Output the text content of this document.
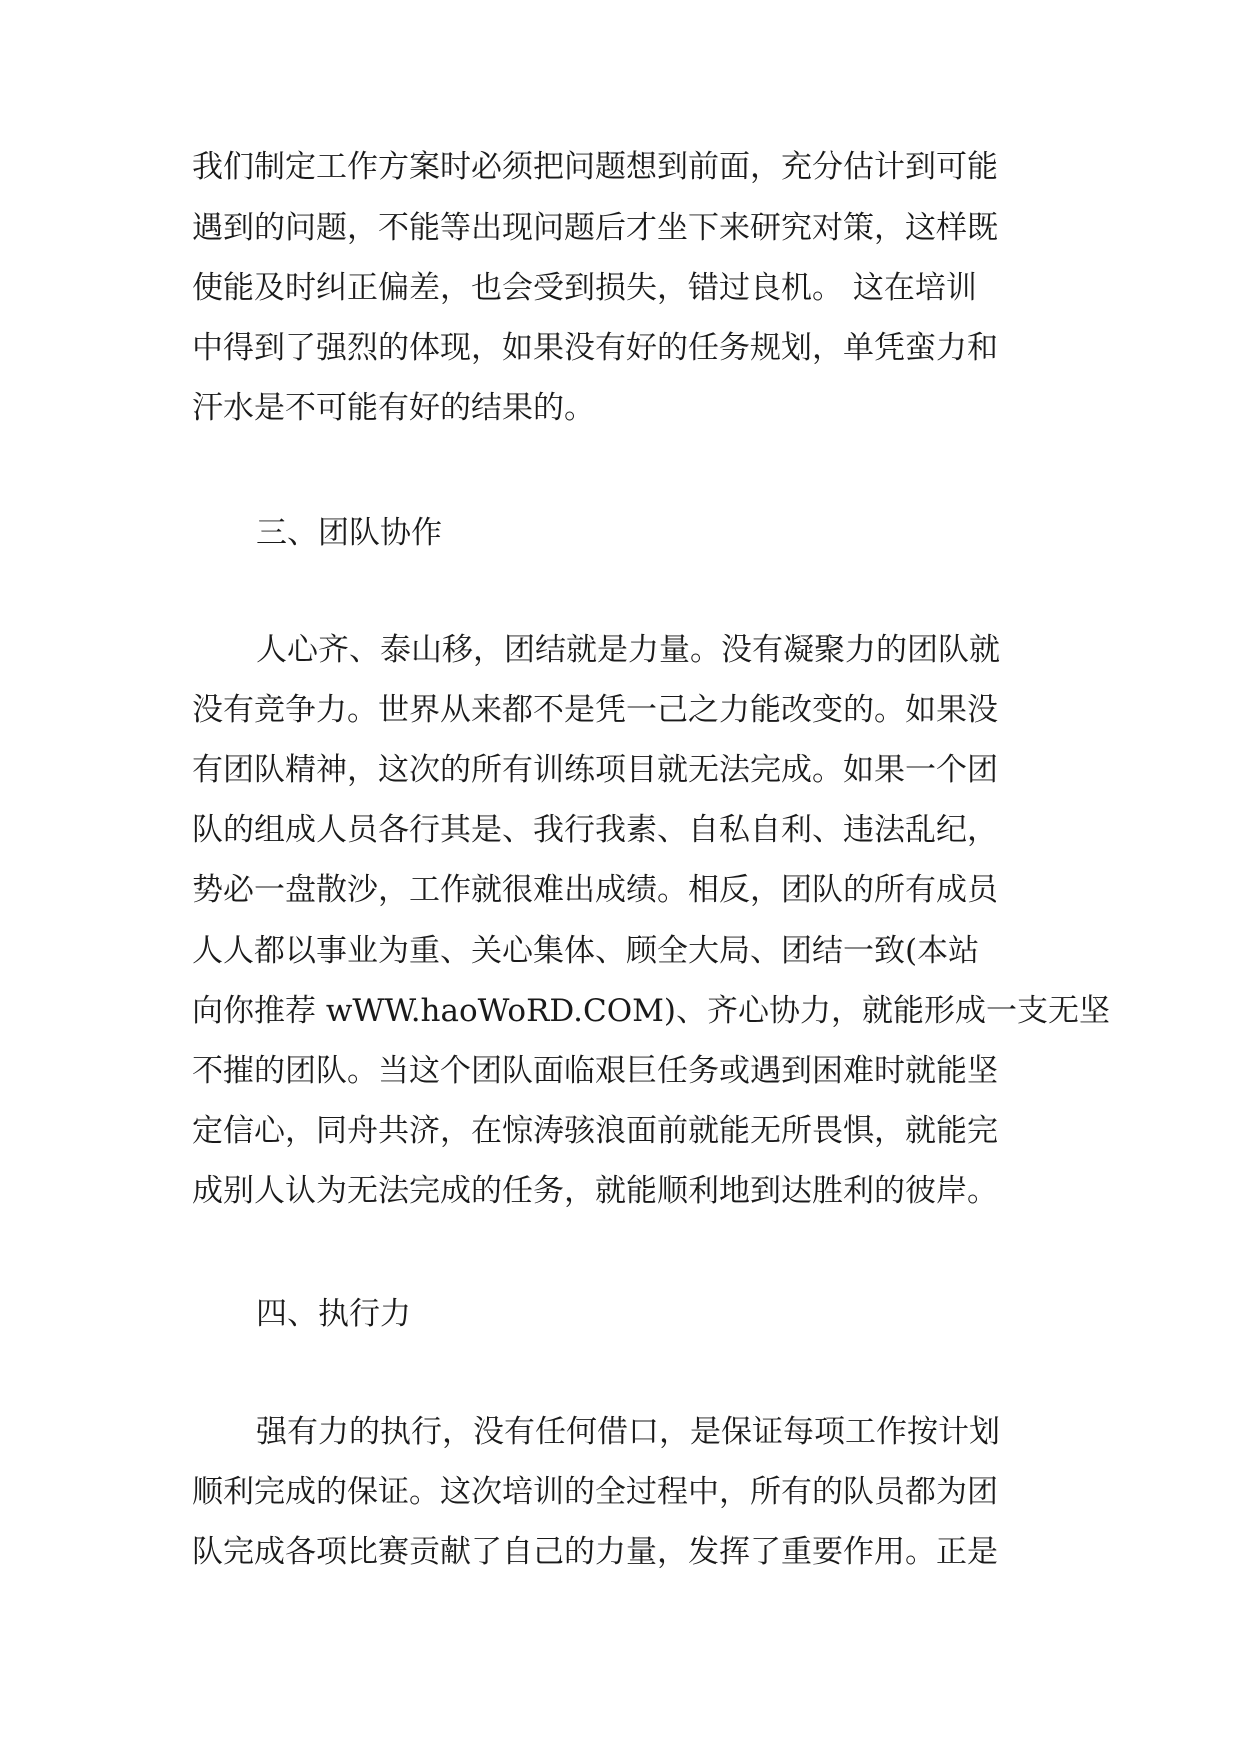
我们制定工作方案时必须把问题想到前面，充分估计到可能

遇到的问题，不能等出现问题后才坐下来研究对策，这样既

使能及时纠正偏差，也会受到损失，错过良机。 这在培训

中得到了强烈的体现，如果没有好的任务规划，单凭蛮力和

汗水是不可能有好的结果的。

三、团队协作

人心齐、泰山移，团结就是力量。没有凝聚力的团队就

没有竞争力。世界从来都不是凭一己之力能改变的。如果没

有团队精神，这次的所有训练项目就无法完成。如果一个团

队的组成人员各行其是、我行我素、自私自利、违法乱纪，

势必一盘散沙，工作就很难出成绩。相反，团队的所有成员

人人都以事业为重、关心集体、顾全大局、团结一致(本站

向你推荐 wWW.haoWoRD.COM)、齐心协力，就能形成一支无坚

不摧的团队。当这个团队面临艰巨任务或遇到困难时就能坚

定信心，同舟共济，在惊涛骇浪面前就能无所畏惧，就能完

成别人认为无法完成的任务，就能顺利地到达胜利的彼岸。

四、执行力

强有力的执行，没有任何借口，是保证每项工作按计划

顺利完成的保证。这次培训的全过程中，所有的队员都为团

队完成各项比赛贡献了自己的力量，发挥了重要作用。正是
